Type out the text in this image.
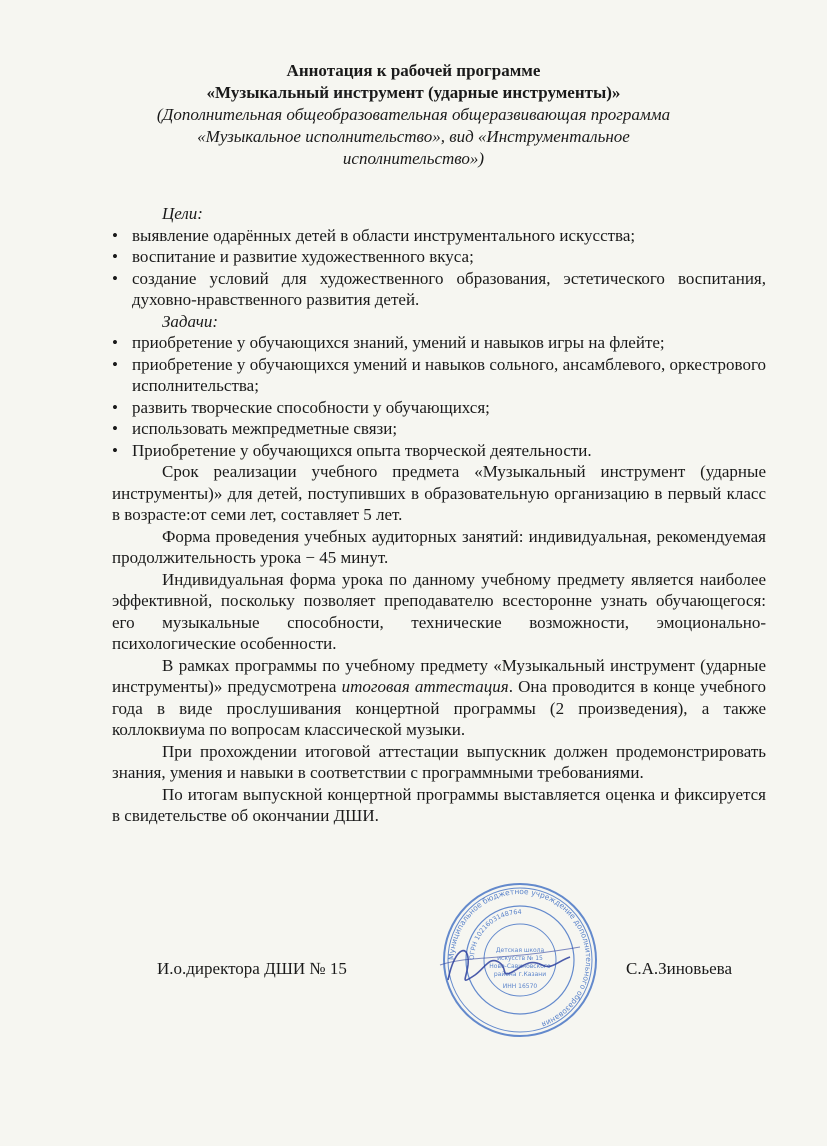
Аннотация к рабочей программе
«Музыкальный инструмент (ударные инструменты)»
(Дополнительная общеобразовательная общеразвивающая программа
«Музыкальное исполнительство», вид «Инструментальное
исполнительство»)
Цели:
• выявление одарённых детей в области инструментального искусства;
• воспитание и развитие художественного вкуса;
• создание условий для художественного образования, эстетического воспитания, духовно-нравственного развития детей.
Задачи:
• приобретение у обучающихся знаний, умений и навыков игры на флейте;
• приобретение у обучающихся умений и навыков сольного, ансамблевого, оркестрового исполнительства;
• развить творческие способности у обучающихся;
• использовать межпредметные связи;
• Приобретение у обучающихся опыта творческой деятельности.
Срок реализации учебного предмета «Музыкальный инструмент (ударные инструменты)» для детей, поступивших в образовательную организацию в первый класс в возрасте:от семи лет, составляет 5 лет.
Форма проведения учебных аудиторных занятий: индивидуальная, рекомендуемая продолжительность урока − 45 минут.
Индивидуальная форма урока по данному учебному предмету является наиболее эффективной, поскольку позволяет преподавателю всесторонне узнать обучающегося: его музыкальные способности, технические возможности, эмоционально-психологические особенности.
В рамках программы по учебному предмету «Музыкальный инструмент (ударные инструменты)» предусмотрена итоговая аттестация. Она проводится в конце учебного года в виде прослушивания концертной программы (2 произведения), а также коллоквиума по вопросам классической музыки.
При прохождении итоговой аттестации выпускник должен продемонстрировать знания, умения и навыки в соответствии с программными требованиями.
По итогам выпускной концертной программы выставляется оценка и фиксируется в свидетельстве об окончании ДШИ.
Муниципальное бюджетное учреждение дополнительного образования
ОГРН 1021603148764
Детская школа
искусств № 15
Ново-Савиновского
района г.Казани
ИНН 16570
И.о.директора ДШИ № 15	С.А.Зиновьева
